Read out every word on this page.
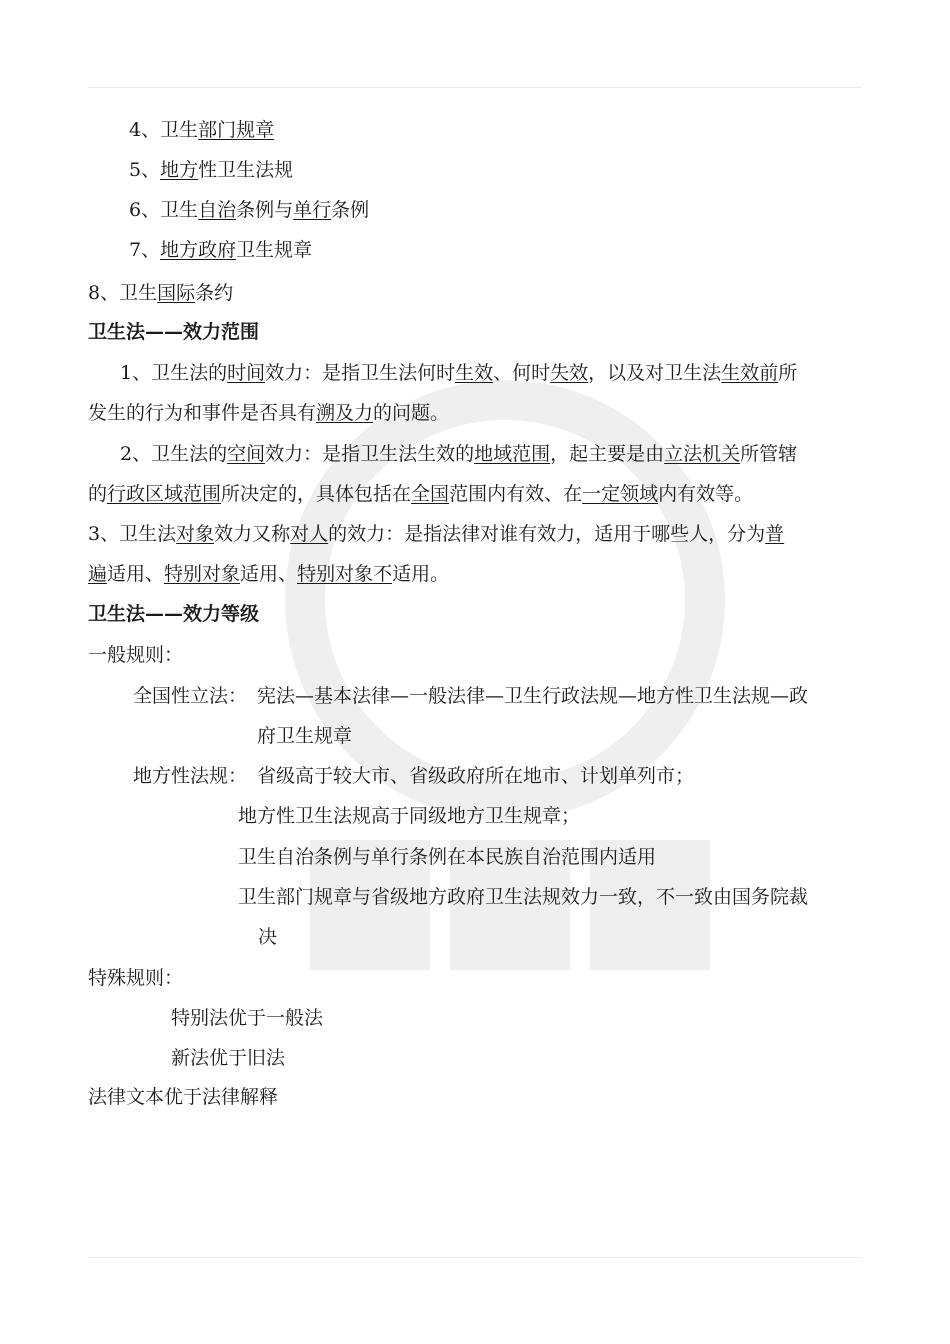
4、卫生部门规章
5、地方性卫生法规
6、卫生自治条例与单行条例
7、地方政府卫生规章
8、卫生国际条约
卫生法——效力范围
1、卫生法的时间效力：是指卫生法何时生效、何时失效，以及对卫生法生效前所
发生的行为和事件是否具有溯及力的问题。
2、卫生法的空间效力：是指卫生法生效的地域范围，起主要是由立法机关所管辖
的行政区域范围所决定的，具体包括在全国范围内有效、在一定领域内有效等。
3、卫生法对象效力又称对人的效力：是指法律对谁有效力，适用于哪些人，分为普
遍适用、特别对象适用、特别对象不适用。
卫生法——效力等级
一般规则：
全国性立法： 宪法—基本法律—一般法律—卫生行政法规—地方性卫生法规—政
府卫生规章
地方性法规： 省级高于较大市、省级政府所在地市、计划单列市；
地方性卫生法规高于同级地方卫生规章；
卫生自治条例与单行条例在本民族自治范围内适用
卫生部门规章与省级地方政府卫生法规效力一致，不一致由国务院裁
决
特殊规则：
特别法优于一般法
新法优于旧法
法律文本优于法律解释
